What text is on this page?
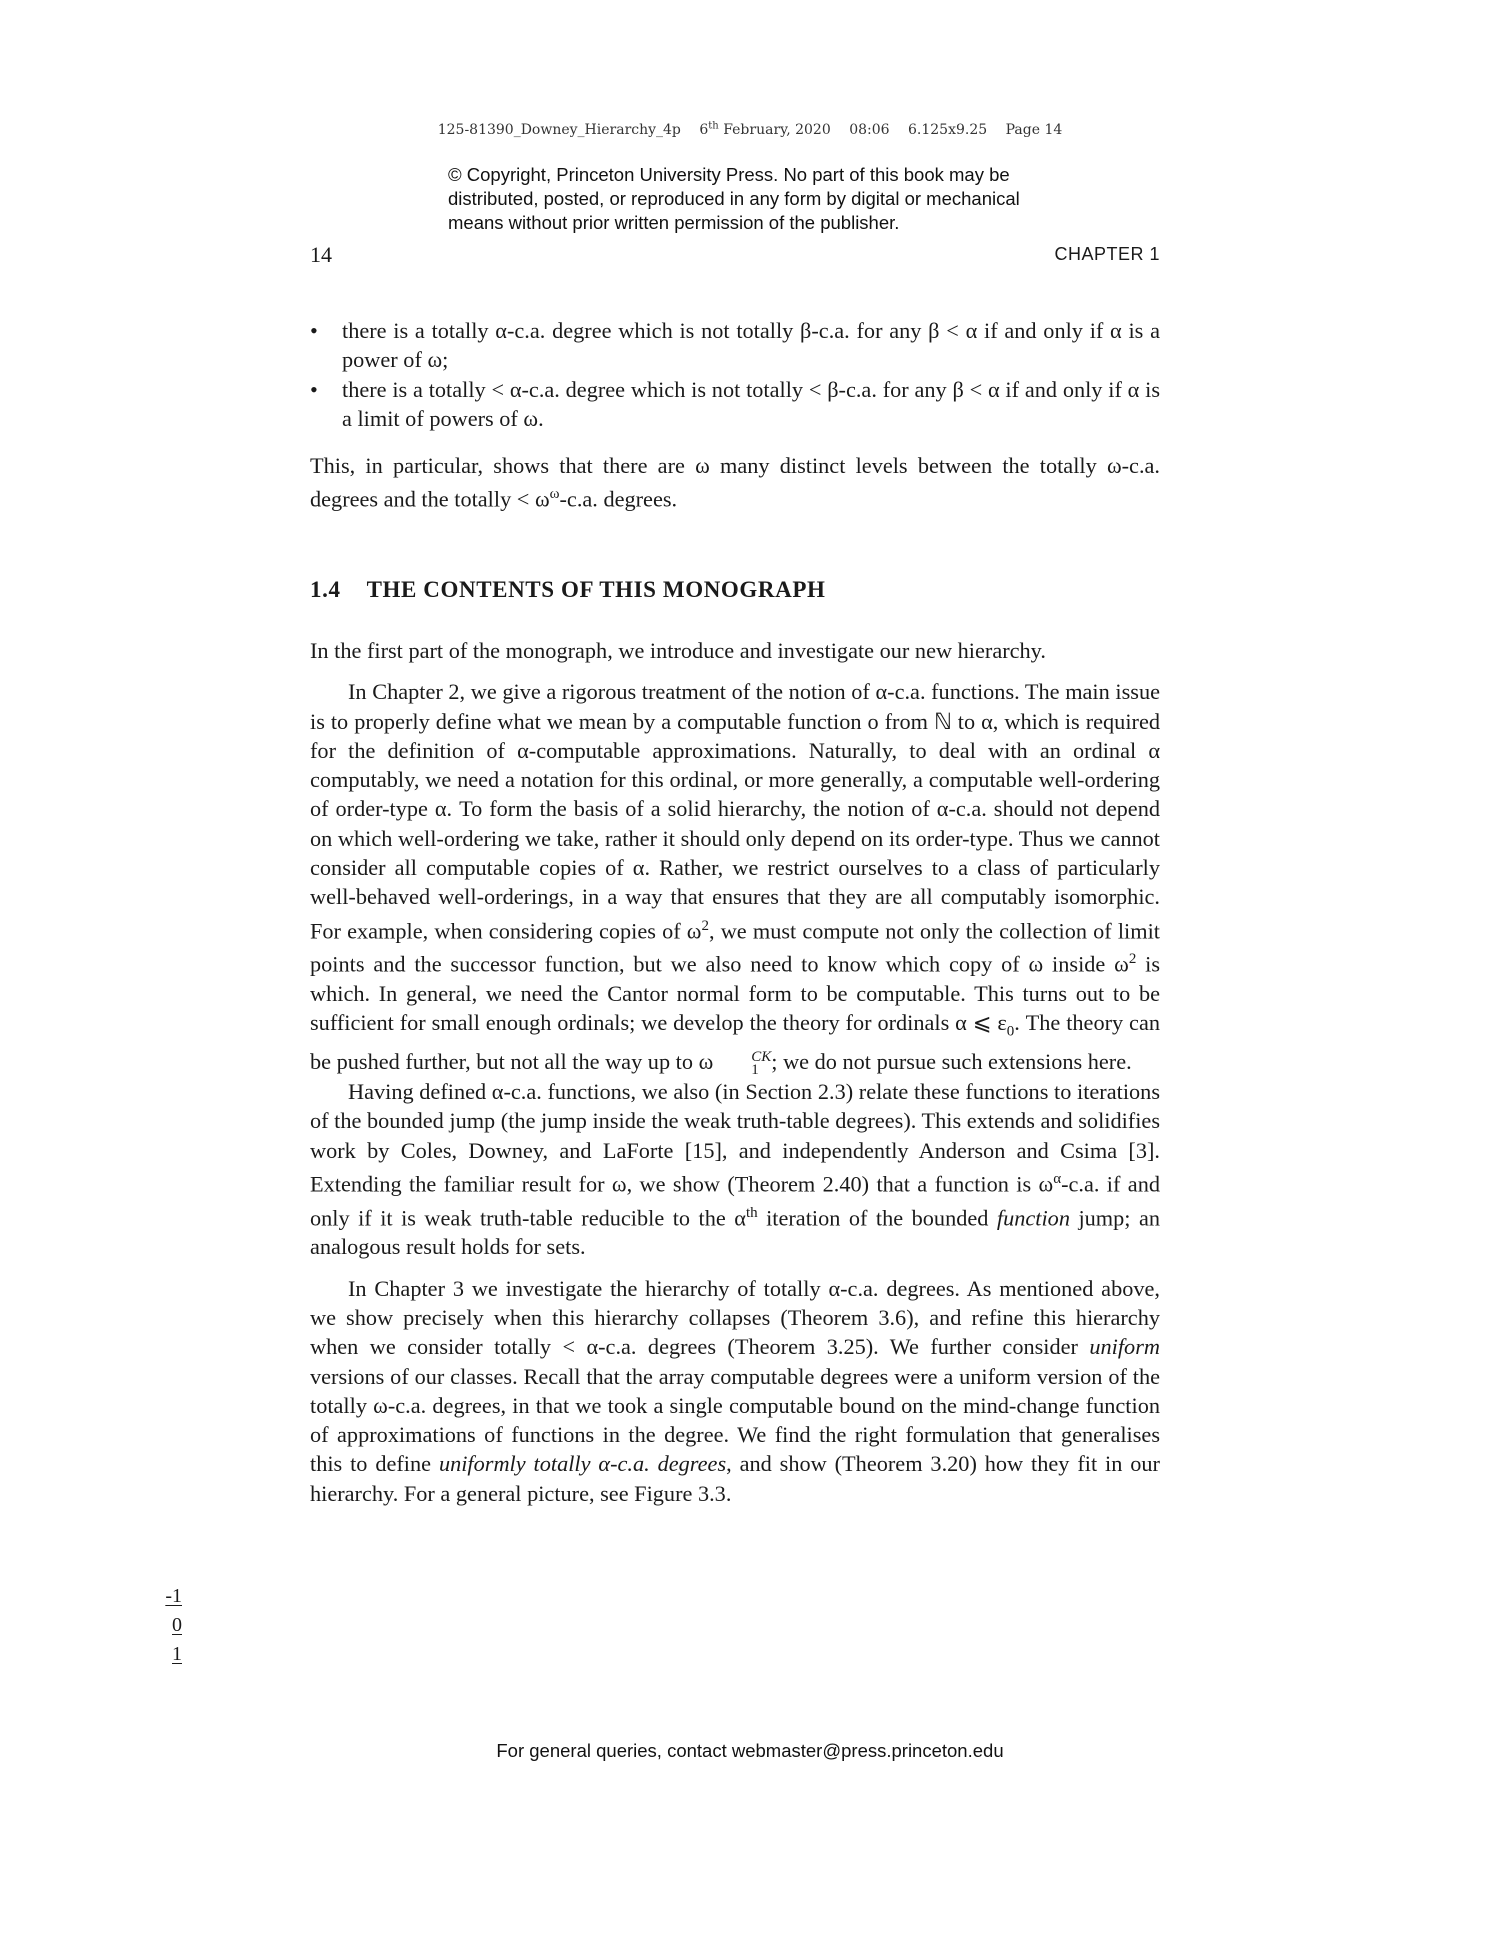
125-81390_Downey_Hierarchy_4p 6th February, 2020 08:06 6.125x9.25 Page 14
© Copyright, Princeton University Press. No part of this book may be
distributed, posted, or reproduced in any form by digital or mechanical
means without prior written permission of the publisher.
14	CHAPTER 1
• there is a totally α-c.a. degree which is not totally β-c.a. for any β < α if and only if α is a power of ω;
• there is a totally < α-c.a. degree which is not totally < β-c.a. for any β < α if and only if α is a limit of powers of ω.

This, in particular, shows that there are ω many distinct levels between the totally ω-c.a. degrees and the totally < $\omega^\omega-c.a$. degrees.

1.4 THE CONTENTS OF THIS MONOGRAPH

In the first part of the monograph, we introduce and investigate our new hierarchy.

In Chapter 2, we give a rigorous treatment of the notion of α-c.a. functions. The main issue is to properly define what we mean by a computable function o from ℕ to α, which is required for the definition of α-computable approximations. Naturally, to deal with an ordinal α computably, we need a notation for this ordinal, or more generally, a computable well-ordering of order-type α. To form the basis of a solid hierarchy, the notion of α-c.a. should not depend on which well-ordering we take, rather it should only depend on its order-type. Thus we cannot consider all computable copies of α. Rather, we restrict ourselves to a class of particularly well-behaved well-orderings, in a way that ensures that they are all computably isomorphic. For example, when considering copies of $\omega^2$, we must compute not only the collection of limit points and the successor function, but we also need to know which copy of ω inside $\omega^2$ is which. In general, we need the Cantor normal form to be computable. This turns out to be sufficient for small enough ordinals; we develop the theory for ordinals α ⩽ $\varepsilon_0$. The theory can be pushed further, but not all the way up to ω	CK
1 ; we do not pursue such extensions here.

Having defined α-c.a. functions, we also (in Section 2.3) relate these functions to iterations of the bounded jump (the jump inside the weak truth-table degrees). This extends and solidifies work by Coles, Downey, and LaForte [15], and independently Anderson and Csima [3]. Extending the familiar result for ω, we show (Theorem 2.40) that a function is $\omega^\alpha-c.a$. if and only if it is weak truth-table reducible to the $\alpha^{th}$ iteration of the bounded function jump; an analogous result holds for sets.

In Chapter 3 we investigate the hierarchy of totally α-c.a. degrees. As mentioned above, we show precisely when this hierarchy collapses (Theorem 3.6), and refine this hierarchy when we consider totally < α-c.a. degrees (Theorem 3.25). We further consider uniform versions of our classes. Recall that the array computable degrees were a uniform version of the totally ω-c.a. degrees, in that we took a single computable bound on the mind-change function of approximations of functions in the degree. We find the right formulation that generalises this to define uniformly totally α-c.a. degrees, and show (Theorem 3.20) how they fit in our hierarchy. For a general picture, see Figure 3.3.

-1
0
1
For general queries, contact webmaster@press.princeton.edu
